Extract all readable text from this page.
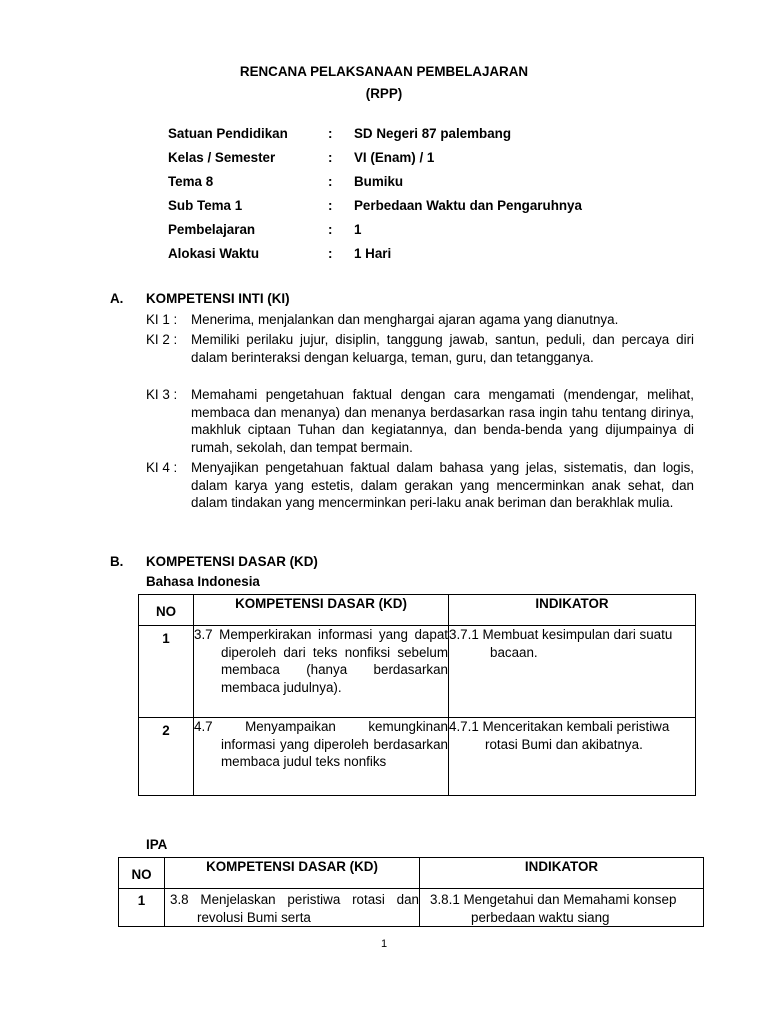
RENCANA PELAKSANAAN PEMBELAJARAN
(RPP)
Satuan Pendidikan	: SD Negeri 87 palembang
Kelas / Semester	: VI (Enam) / 1
Tema 8	: Bumiku
Sub Tema 1	: Perbedaan Waktu dan Pengaruhnya
Pembelajaran	: 1
Alokasi Waktu	: 1 Hari
A. KOMPETENSI INTI (KI)
KI 1 :	Menerima, menjalankan dan menghargai ajaran agama yang dianutnya.
KI 2 :	Memiliki perilaku jujur, disiplin, tanggung jawab, santun, peduli, dan percaya diri dalam berinteraksi dengan keluarga, teman, guru, dan tetangganya.
KI 3 :	Memahami pengetahuan faktual dengan cara mengamati (mendengar, melihat, membaca dan menanya) dan menanya berdasarkan rasa ingin tahu tentang dirinya, makhluk ciptaan Tuhan dan kegiatannya, dan benda-benda yang dijumpainya di rumah, sekolah, dan tempat bermain.
KI 4 :	Menyajikan pengetahuan faktual dalam bahasa yang jelas, sistematis, dan logis, dalam karya yang estetis, dalam gerakan yang mencerminkan anak sehat, dan dalam tindakan yang mencerminkan peri-laku anak beriman dan berakhlak mulia.
B. KOMPETENSI DASAR (KD)
Bahasa Indonesia
NO	KOMPETENSI DASAR (KD)	INDIKATOR
1	3.7 Memperkirakan informasi yang dapat diperoleh dari teks nonfiksi sebelum membaca (hanya berdasarkan membaca judulnya).	3.7.1 Membuat kesimpulan dari suatu bacaan.

2	4.7 Menyampaikan kemungkinan informasi yang diperoleh berdasarkan membaca judul teks nonfiks	4.7.1 Menceritakan kembali peristiwa rotasi Bumi dan akibatnya.
IPA
NO	KOMPETENSI DASAR (KD)	INDIKATOR
1	3.8 Menjelaskan peristiwa rotasi dan revolusi Bumi serta	3.8.1 Mengetahui dan Memahami konsep perbedaan waktu siang
1
